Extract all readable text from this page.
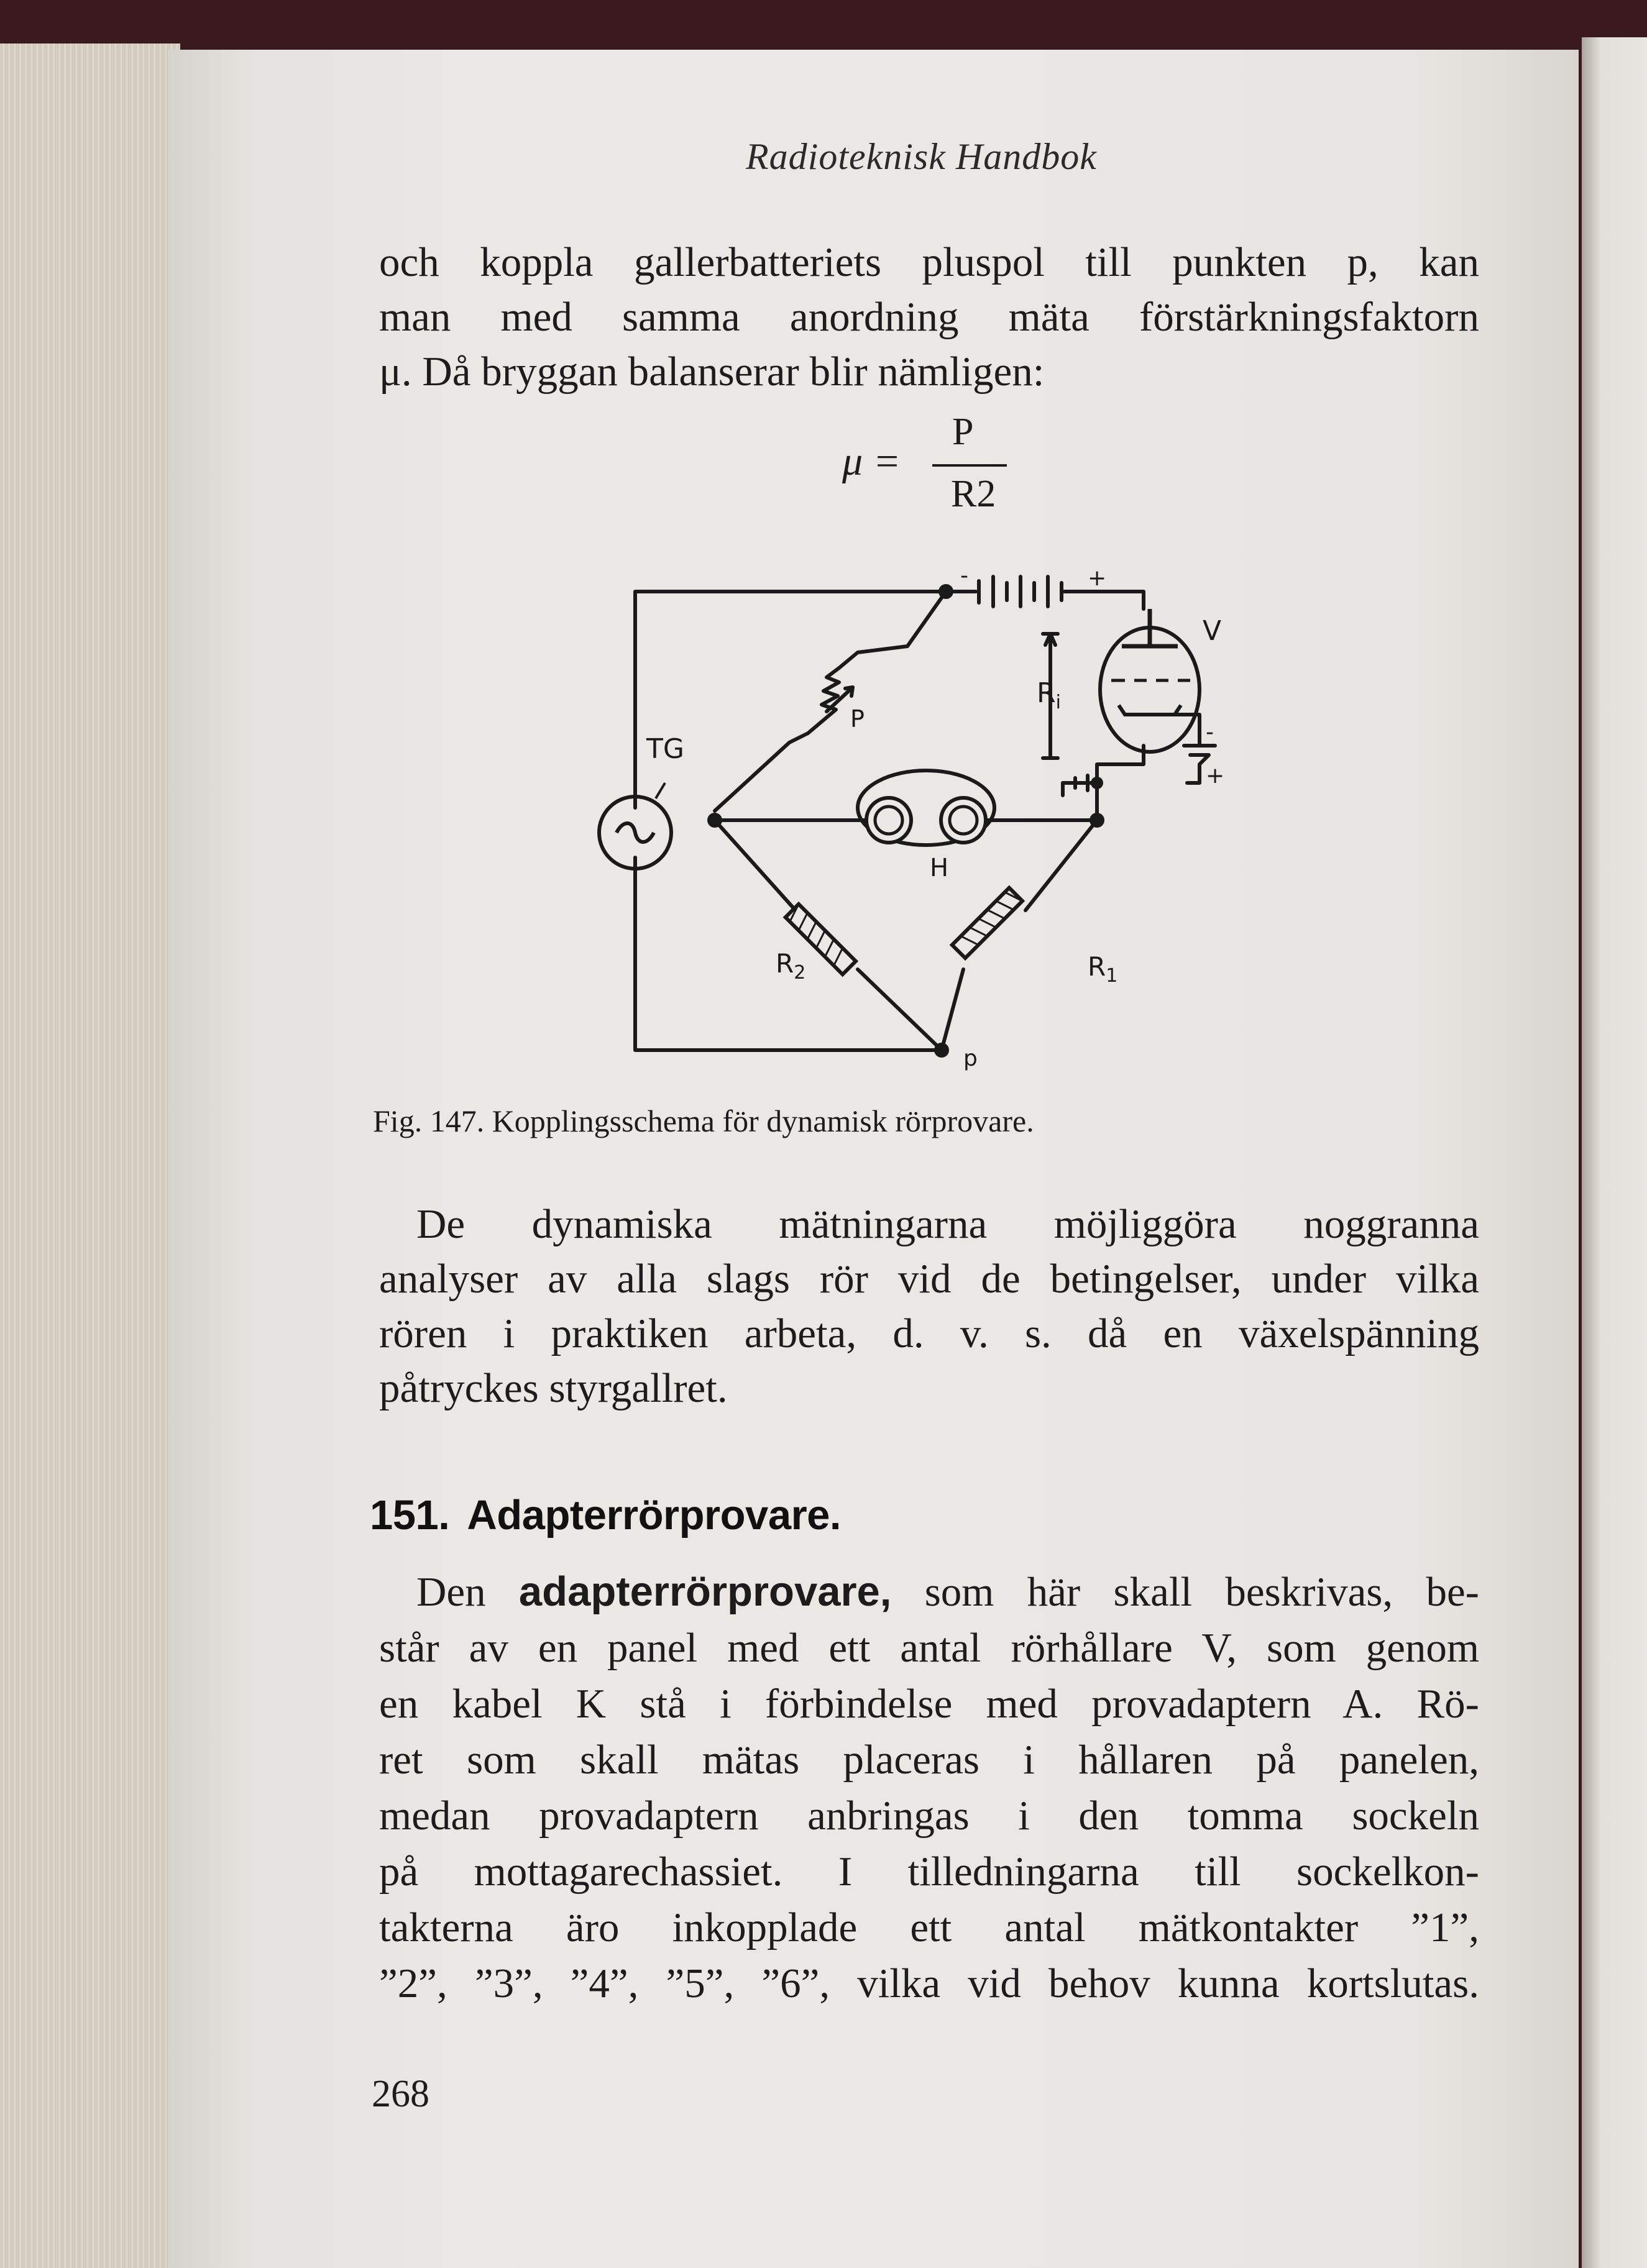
Radioteknisk Handbok
och koppla gallerbatteriets pluspol till punkten p, kan
man med samma anordning mäta förstärkningsfaktorn
μ. Då bryggan balanserar blir nämligen:
μ =
P
R2
TG
P
$R_i$
V
H
$R_2$	$R_1$
p
+
-
-
+
Fig. 147. Kopplingsschema för dynamisk rörprovare.
De dynamiska mätningarna möjliggöra noggranna
analyser av alla slags rör vid de betingelser, under vilka
rören i praktiken arbeta, d. v. s. då en växelspänning
påtryckes styrgallret.
151. Adapterrörprovare.
Den adapterrörprovare, som här skall beskrivas, be-
står av en panel med ett antal rörhållare V, som genom
en kabel K stå i förbindelse med provadaptern A. Rö-
ret som skall mätas placeras i hållaren på panelen,
medan provadaptern anbringas i den tomma sockeln
på mottagarechassiet. I tilledningarna till sockelkon-
takterna äro inkopplade ett antal mätkontakter ”1”,
”2”, ”3”, ”4”, ”5”, ”6”, vilka vid behov kunna kortslutas.
268
